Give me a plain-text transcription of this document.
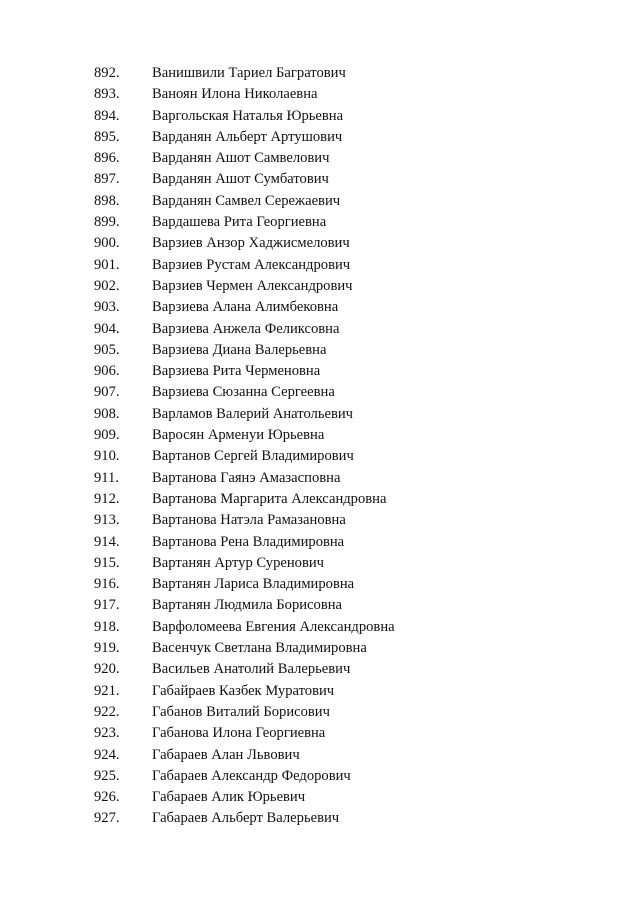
892.	Ванишвили Тариел Багратович
893.	Ваноян Илона Николаевна
894.	Варгольская Наталья Юрьевна
895.	Варданян Альберт Артушович
896.	Варданян Ашот Самвелович
897.	Варданян Ашот Сумбатович
898.	Варданян Самвел Сережаевич
899.	Вардашева Рита Георгиевна
900.	Варзиев Анзор Хаджисмелович
901.	Варзиев Рустам Александрович
902.	Варзиев Чермен Александрович
903.	Варзиева Алана Алимбековна
904.	Варзиева Анжела Феликсовна
905.	Варзиева Диана Валерьевна
906.	Варзиева Рита Черменовна
907.	Варзиева Сюзанна Сергеевна
908.	Варламов Валерий Анатольевич
909.	Варосян Арменуи Юрьевна
910.	Вартанов Сергей Владимирович
911.	Вартанова Гаянэ Амазасповна
912.	Вартанова Маргарита Александровна
913.	Вартанова Натэла Рамазановна
914.	Вартанова Рена Владимировна
915.	Вартанян Артур Суренович
916.	Вартанян Лариса Владимировна
917.	Вартанян Людмила Борисовна
918.	Варфоломеева Евгения Александровна
919.	Васенчук Светлана Владимировна
920.	Васильев Анатолий Валерьевич
921.	Габайраев Казбек Муратович
922.	Габанов Виталий Борисович
923.	Габанова Илона Георгиевна
924.	Габараев Алан Львович
925.	Габараев Александр Федорович
926.	Габараев Алик Юрьевич
927.	Габараев Альберт Валерьевич
